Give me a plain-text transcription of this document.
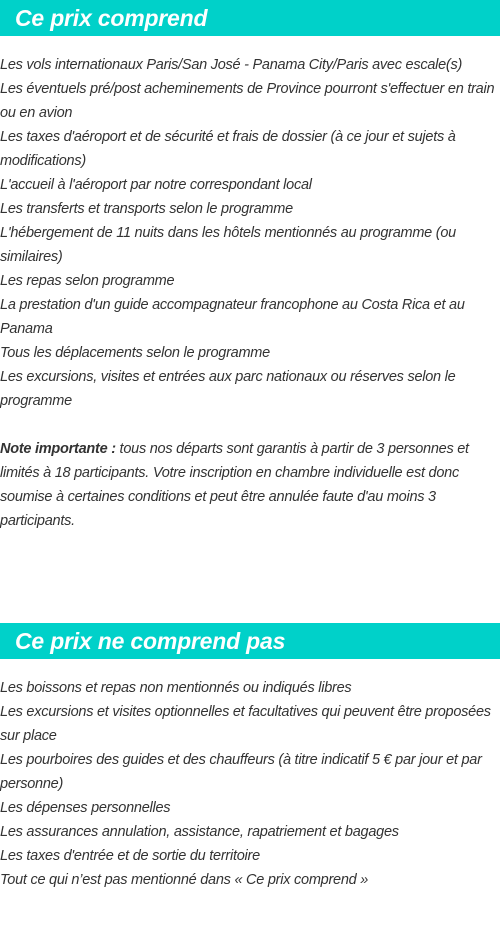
Ce prix comprend
Les vols internationaux Paris/San José - Panama City/Paris avec escale(s)
Les éventuels pré/post acheminements de Province pourront s'effectuer en train ou en avion
Les taxes d'aéroport et de sécurité et frais de dossier (à ce jour et sujets à modifications)
L'accueil à l'aéroport par notre correspondant local
Les transferts et transports selon le programme
L'hébergement de 11 nuits dans les hôtels mentionnés au programme (ou similaires)
Les repas selon programme
La prestation d'un guide accompagnateur francophone au Costa Rica et au Panama
Tous les déplacements selon le programme
Les excursions, visites et entrées aux parc nationaux ou réserves selon le programme

Note importante : tous nos départs sont garantis à partir de 3 personnes et limités à 18 participants. Votre inscription en chambre individuelle est donc soumise à certaines conditions et peut être annulée faute d'au moins 3 participants.

Ce prix ne comprend pas
Les boissons et repas non mentionnés ou indiqués libres
Les excursions et visites optionnelles et facultatives qui peuvent être proposées sur place
Les pourboires des guides et des chauffeurs (à titre indicatif 5 € par jour et par personne)
Les dépenses personnelles
Les assurances annulation, assistance, rapatriement et bagages
Les taxes d'entrée et de sortie du territoire
Tout ce qui n’est pas mentionné dans « Ce prix comprend »
